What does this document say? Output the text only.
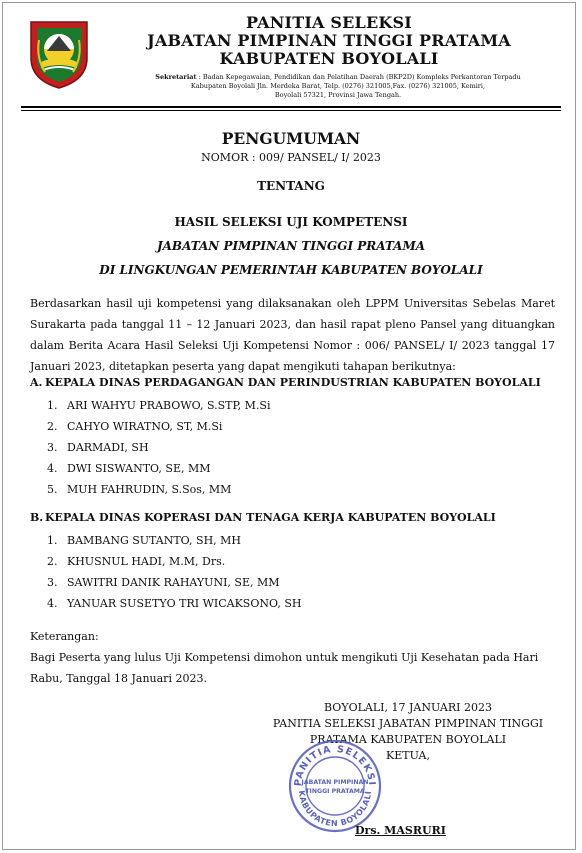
PANITIA SELEKSI
JABATAN PIMPINAN TINGGI PRATAMA
KABUPATEN BOYOLALI
Sekretariat : Badan Kepegawaian, Pendidikan dan Pelatihan Daerah (BKP2D) Kompleks Perkantoran Terpadu
Kabupaten Boyolali Jln. Merdeka Barat, Telp. (0276) 321005,Fax. (0276) 321005, Kemiri,
Boyolali 57321, Provinsi Jawa Tengah.
PENGUMUMAN
NOMOR : 009/ PANSEL/ I/ 2023
TENTANG
HASIL SELEKSI UJI KOMPETENSI
JABATAN PIMPINAN TINGGI PRATAMA
DI LINGKUNGAN PEMERINTAH KABUPATEN BOYOLALI
Berdasarkan hasil uji kompetensi yang dilaksanakan oleh LPPM Universitas Sebelas Maret Surakarta pada tanggal 11 – 12 Januari 2023, dan hasil rapat pleno Pansel yang dituangkan dalam Berita Acara Hasil Seleksi Uji Kompetensi Nomor : 006/ PANSEL/ I/ 2023 tanggal 17 Januari 2023, ditetapkan peserta yang dapat mengikuti tahapan berikutnya:
A. KEPALA DINAS PERDAGANGAN DAN PERINDUSTRIAN KABUPATEN BOYOLALI
1. ARI WAHYU PRABOWO, S.STP, M.Si
2. CAHYO WIRATNO, ST, M.Si
3. DARMADI, SH
4. DWI SISWANTO, SE, MM
5. MUH FAHRUDIN, S.Sos, MM
B. KEPALA DINAS KOPERASI DAN TENAGA KERJA KABUPATEN BOYOLALI
1. BAMBANG SUTANTO, SH, MH
2. KHUSNUL HADI, M.M, Drs.
3. SAWITRI DANIK RAHAYUNI, SE, MM
4. YANUAR SUSETYO TRI WICAKSONO, SH
Keterangan:
Bagi Peserta yang lulus Uji Kompetensi dimohon untuk mengikuti Uji Kesehatan pada Hari Rabu, Tanggal 18 Januari 2023.
BOYOLALI, 17 JANUARI 2023
PANITIA SELEKSI JABATAN PIMPINAN TINGGI
PRATAMA KABUPATEN BOYOLALI
KETUA,
PANITIA SELEKSI
KABUPATEN BOYOLALI
JABATAN PIMPINAN
TINGGI PRATAMA
Drs. MASRURI
